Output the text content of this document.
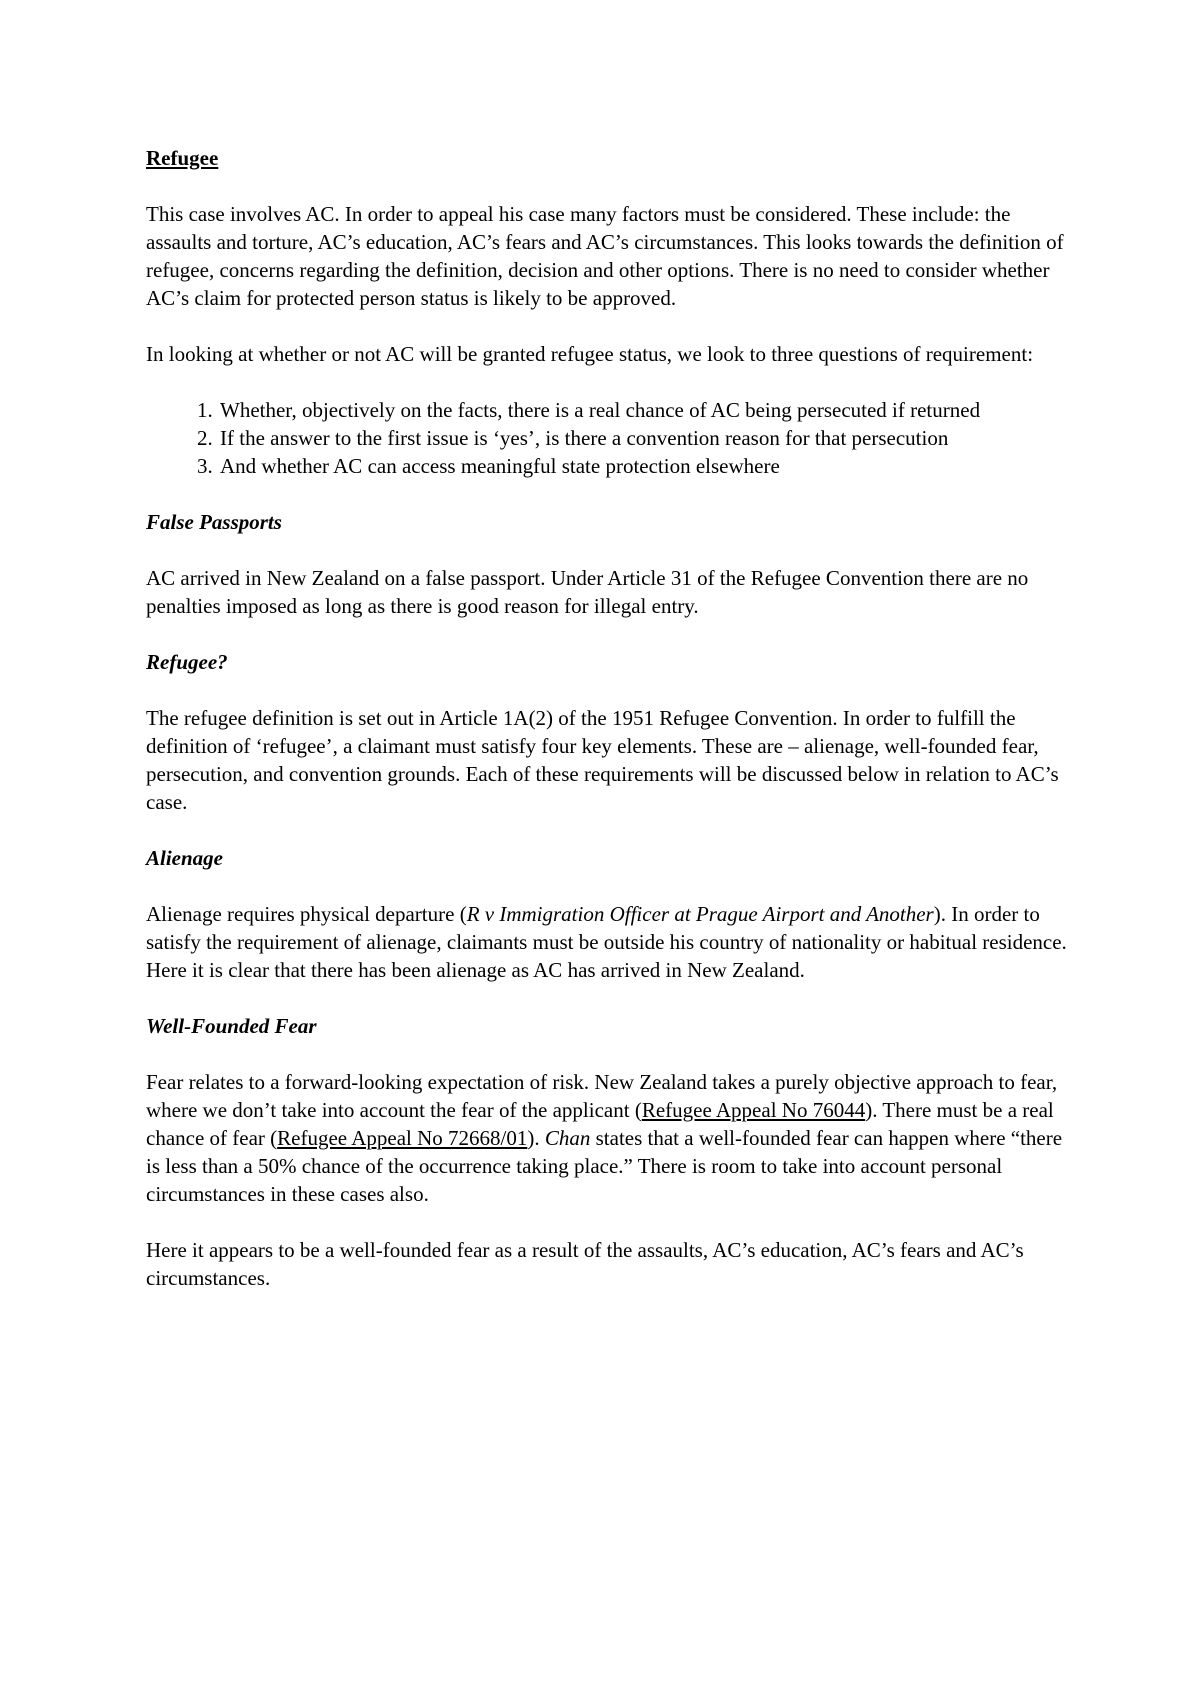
Refugee

This case involves AC. In order to appeal his case many factors must be considered. These include: the assaults and torture, AC’s education, AC’s fears and AC’s circumstances. This looks towards the definition of refugee, concerns regarding the definition, decision and other options. There is no need to consider whether AC’s claim for protected person status is likely to be approved.

In looking at whether or not AC will be granted refugee status, we look to three questions of requirement:

1. Whether, objectively on the facts, there is a real chance of AC being persecuted if returned
2. If the answer to the first issue is ‘yes’, is there a convention reason for that persecution
3. And whether AC can access meaningful state protection elsewhere
False Passports

AC arrived in New Zealand on a false passport. Under Article 31 of the Refugee Convention there are no penalties imposed as long as there is good reason for illegal entry.

Refugee?

The refugee definition is set out in Article 1A(2) of the 1951 Refugee Convention. In order to fulfill the definition of ‘refugee’, a claimant must satisfy four key elements. These are – alienage, well-founded fear, persecution, and convention grounds. Each of these requirements will be discussed below in relation to AC’s case.

Alienage

Alienage requires physical departure (R v Immigration Officer at Prague Airport and Another). In order to satisfy the requirement of alienage, claimants must be outside his country of nationality or habitual residence. Here it is clear that there has been alienage as AC has arrived in New Zealand.

Well-Founded Fear

Fear relates to a forward-looking expectation of risk. New Zealand takes a purely objective approach to fear, where we don’t take into account the fear of the applicant (Refugee Appeal No 76044). There must be a real chance of fear (Refugee Appeal No 72668/01). Chan states that a well-founded fear can happen where “there is less than a 50% chance of the occurrence taking place.” There is room to take into account personal circumstances in these cases also.

Here it appears to be a well-founded fear as a result of the assaults, AC’s education, AC’s fears and AC’s circumstances.
